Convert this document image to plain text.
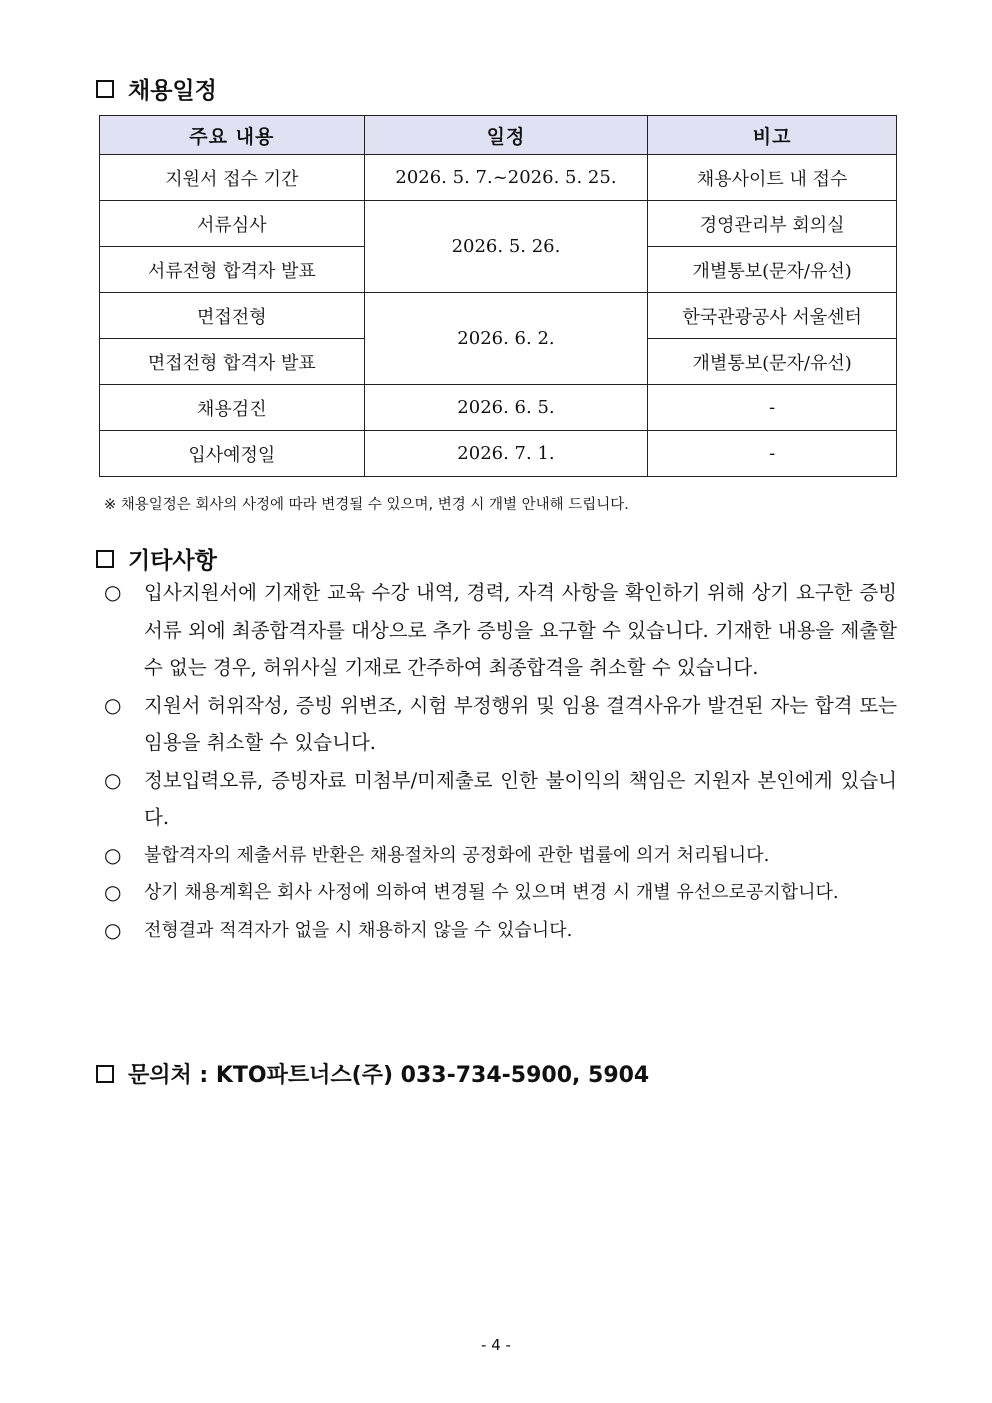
채용일정
주요 내용	일정	비고
지원서 접수 기간	2026. 5. 7.~2026. 5. 25.	채용사이트 내 접수
서류심사	2026. 5. 26.	경영관리부 회의실
서류전형 합격자 발표		개별통보(문자/유선)
면접전형	2026. 6. 2.	한국관광공사 서울센터
면접전형 합격자 발표		개별통보(문자/유선)
채용검진	2026. 6. 5.	-
입사예정일	2026. 7. 1.	-
※ 채용일정은 회사의 사정에 따라 변경될 수 있으며, 변경 시 개별 안내해 드립니다.
기타사항
○	입사지원서에 기재한 교육 수강 내역, 경력, 자격 사항을 확인하기 위해 상기 요구한 증빙서류 외에 최종합격자를 대상으로 추가 증빙을 요구할 수 있습니다. 기재한 내용을 제출할 수 없는 경우, 허위사실 기재로 간주하여 최종합격을 취소할 수 있습니다.
○	지원서 허위작성, 증빙 위변조, 시험 부정행위 및 임용 결격사유가 발견된 자는 합격 또는 임용을 취소할 수 있습니다.
○	정보입력오류, 증빙자료 미첨부/미제출로 인한 불이익의 책임은 지원자 본인에게 있습니다.
○	불합격자의 제출서류 반환은 채용절차의 공정화에 관한 법률에 의거 처리됩니다.
○	상기 채용계획은 회사 사정에 의하여 변경될 수 있으며 변경 시 개별 유선으로공지합니다.
○	전형결과 적격자가 없을 시 채용하지 않을 수 있습니다.
문의처 : KTO파트너스(주) 033-734-5900, 5904
- 4 -
